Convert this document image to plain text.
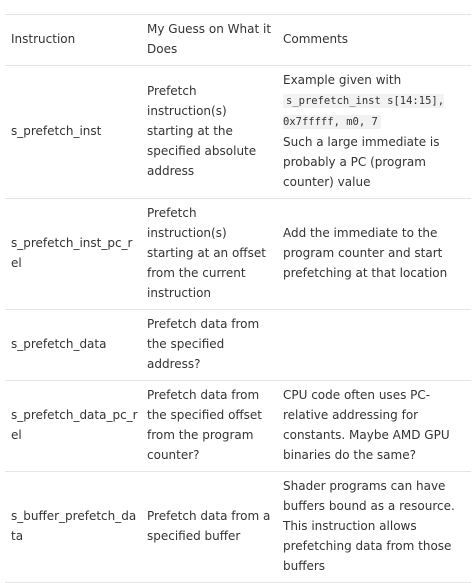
Instruction	My Guess on What it Does	Comments
s_prefetch_inst	Prefetch instruction(s) starting at the specified absolute address	Example given with
s_prefetch_inst s[14:15], 0x7fffff, m0, 7
Such a large immediate is probably a PC (program counter) value

s_prefetch_inst_pc_rel	Prefetch instruction(s) starting at an offset from the current instruction	Add the immediate to the program counter and start prefetching at that location
s_prefetch_data	Prefetch data from the specified address?	
s_prefetch_data_pc_rel	Prefetch data from the specified offset from the program counter?	CPU code often uses PC-relative addressing for constants. Maybe AMD GPU binaries do the same?
s_buffer_prefetch_data	Prefetch data from a specified buffer	Shader programs can have buffers bound as a resource. This instruction allows prefetching data from those buffers
